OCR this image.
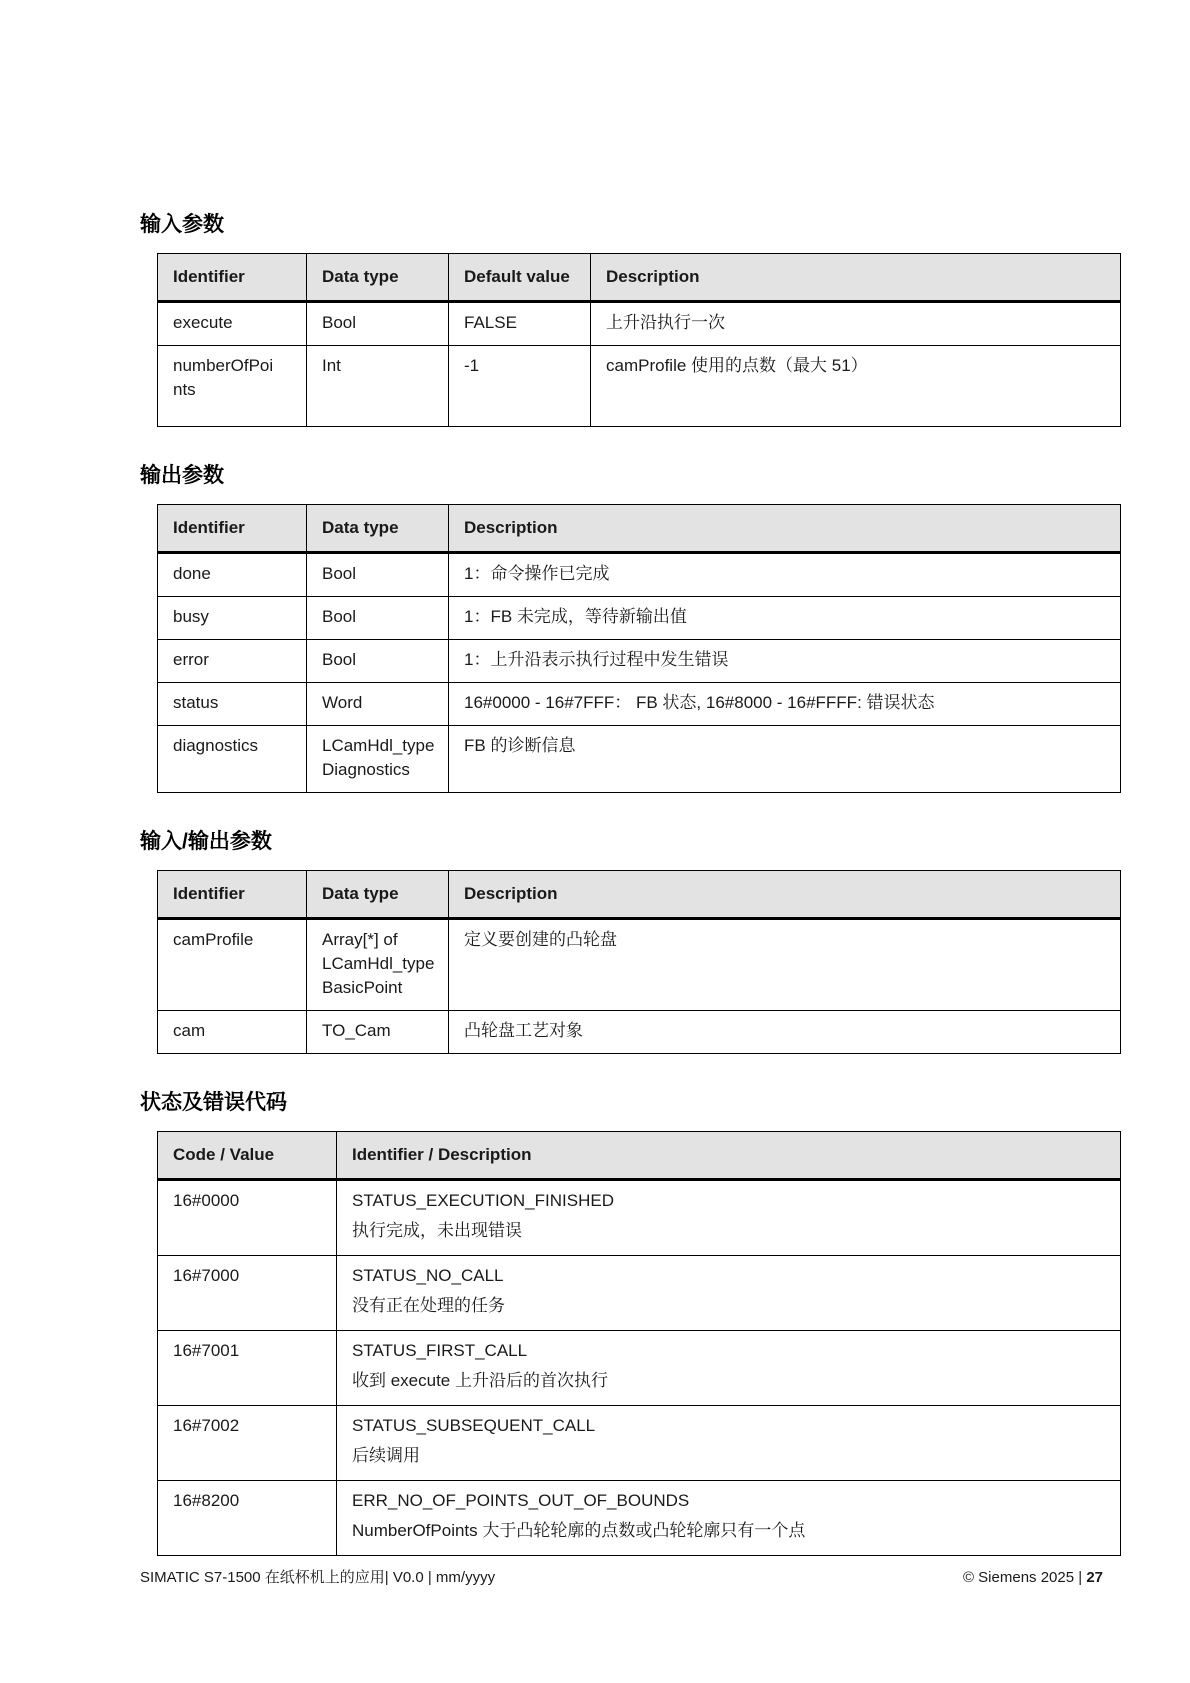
输入参数
Identifier	Data type	Default value	Description
execute	Bool	FALSE	上升沿执行一次
numberOfPoints	Int	-1	camProfile 使用的点数（最大 51）
输出参数
Identifier	Data type	Description
done	Bool	1：命令操作已完成
busy	Bool	1：FB 未完成，等待新输出值
error	Bool	1：上升沿表示执行过程中发生错误
status	Word	16#0000 - 16#7FFF： FB 状态, 16#8000 - 16#FFFF: 错误状态
diagnostics	LCamHdl_type Diagnostics	FB 的诊断信息
输入/输出参数
Identifier	Data type	Description
camProfile	Array[*] of LCamHdl_type BasicPoint	定义要创建的凸轮盘
cam	TO_Cam	凸轮盘工艺对象
状态及错误代码
Code / Value	Identifier / Description
16#0000	STATUS_EXECUTION_FINISHED
执行完成，未出现错误

16#7000	STATUS_NO_CALL
没有正在处理的任务

16#7001	STATUS_FIRST_CALL
收到 execute 上升沿后的首次执行

16#7002	STATUS_SUBSEQUENT_CALL
后续调用

16#8200	ERR_NO_OF_POINTS_OUT_OF_BOUNDS
NumberOfPoints 大于凸轮轮廓的点数或凸轮轮廓只有一个点
SIMATIC S7-1500 在纸杯机上的应用| V0.0 | mm/yyyy	© Siemens 2025 | 27
